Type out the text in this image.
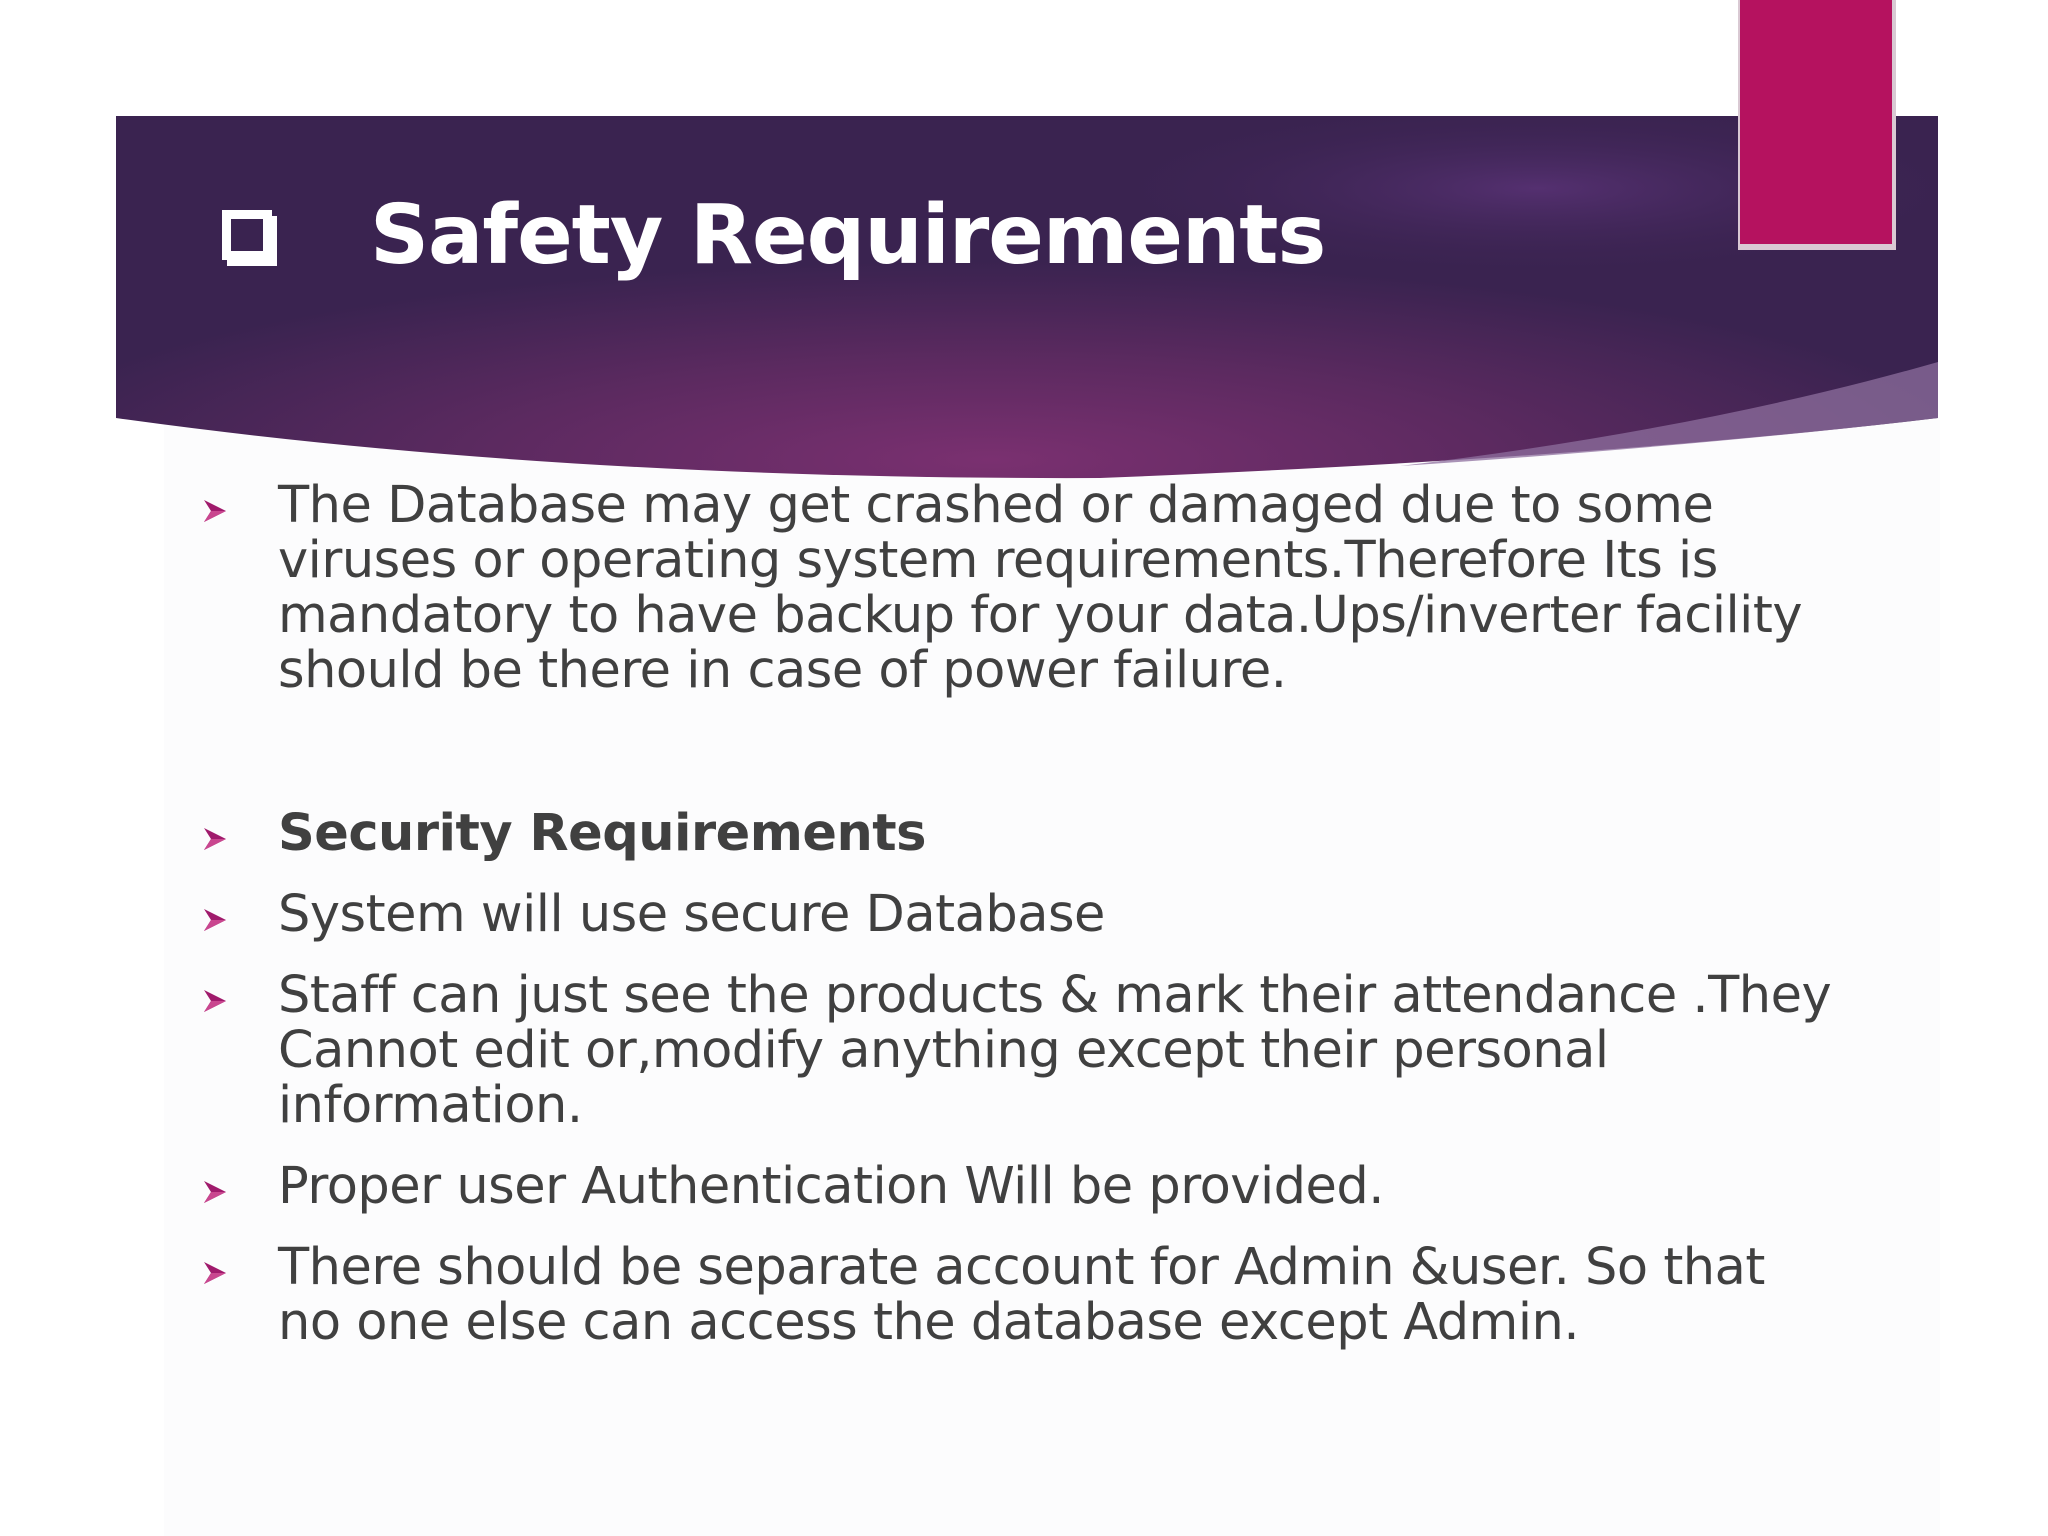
Safety Requirements
The Database may get crashed or damaged due to some viruses or operating system requirements.Therefore Its is mandatory to have backup for your data.Ups/inverter facility should be there in case of power failure.
Security Requirements
System will use secure Database
Staff can just see the products & mark their attendance .They Cannot edit or,modify anything except their personal information.
Proper user Authentication Will be provided.
There should be separate account for Admin &user. So that no one else can access the database except Admin.
